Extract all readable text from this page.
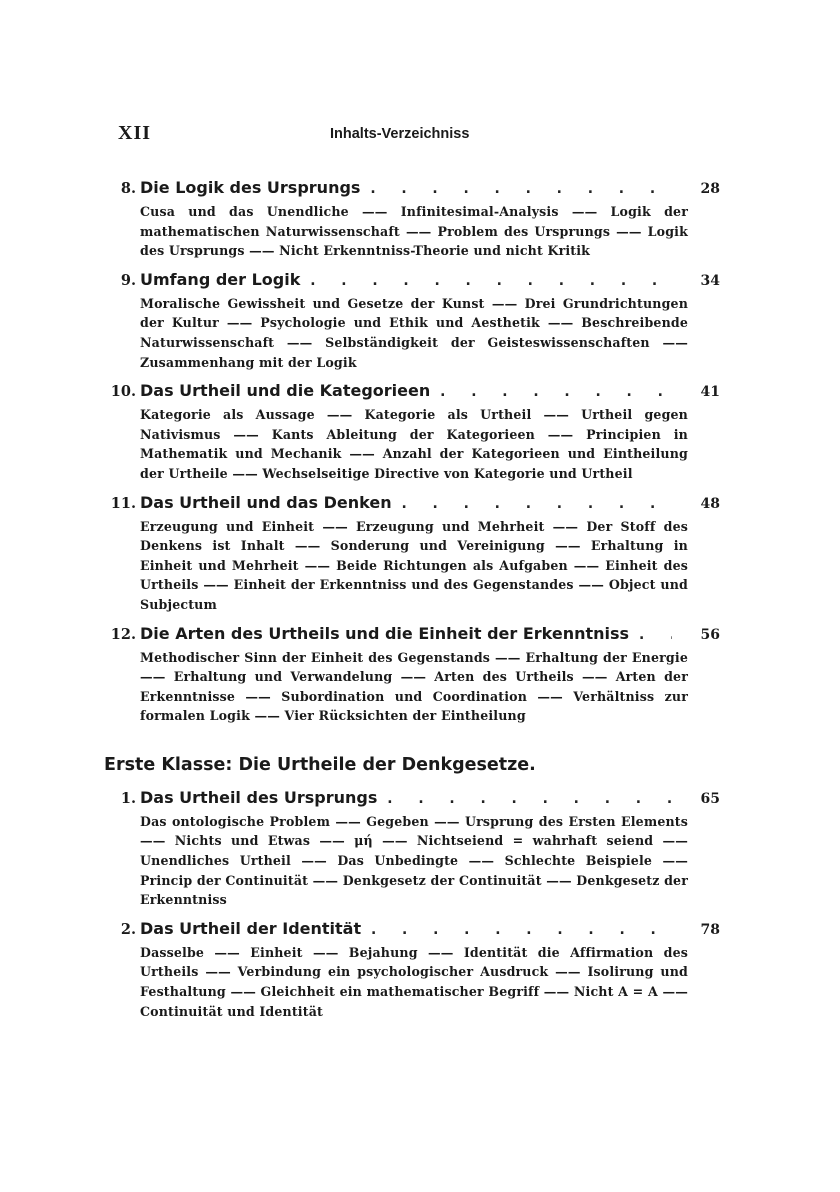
XII	Inhalts-Verzeichniss
8. Die Logik des Ursprungs . . .	28
Cusa und das Unendliche —— Infinitesimal-Analysis —— Logik der mathematischen Naturwissenschaft —— Problem des Ursprungs —— Logik des Ursprungs —— Nicht Erkenntniss-Theorie und nicht Kritik
9. Umfang der Logik . . .	34
Moralische Gewissheit und Gesetze der Kunst —— Drei Grundrichtungen der Kultur —— Psychologie und Ethik und Aesthetik —— Beschreibende Naturwissenschaft —— Selbständigkeit der Geisteswissenschaften —— Zusammenhang mit der Logik
10. Das Urtheil und die Kategorieen . . .	41
Kategorie als Aussage —— Kategorie als Urtheil —— Urtheil gegen Nativismus —— Kants Ableitung der Kategorieen —— Principien in Mathematik und Mechanik —— Anzahl der Kategorieen und Eintheilung der Urtheile —— Wechselseitige Directive von Kategorie und Urtheil
11. Das Urtheil und das Denken . . .	48
Erzeugung und Einheit —— Erzeugung und Mehrheit —— Der Stoff des Denkens ist Inhalt —— Sonderung und Vereinigung —— Erhaltung in Einheit und Mehrheit —— Beide Richtungen als Aufgaben —— Einheit des Urtheils —— Einheit der Erkenntniss und des Gegenstandes —— Object und Subjectum
12. Die Arten des Urtheils und die Einheit der Erkenntniss . . .	56
Methodischer Sinn der Einheit des Gegenstands —— Erhaltung der Energie —— Erhaltung und Verwandelung —— Arten des Urtheils —— Arten der Erkenntnisse —— Subordination und Coordination —— Verhältniss zur formalen Logik —— Vier Rücksichten der Eintheilung
Erste Klasse: Die Urtheile der Denkgesetze.
1. Das Urtheil des Ursprungs . . .	65
Das ontologische Problem —— Gegeben —— Ursprung des Ersten Elements —— Nichts und Etwas —— μή —— Nichtseiend = wahrhaft seiend —— Unendliches Urtheil —— Das Unbedingte —— Schlechte Beispiele —— Princip der Continuität —— Denkgesetz der Continuität —— Denkgesetz der Erkenntniss
2. Das Urtheil der Identität . . .	78
Dasselbe —— Einheit —— Bejahung —— Identität die Affirmation des Urtheils —— Verbindung ein psychologischer Ausdruck —— Isolirung und Festhaltung —— Gleichheit ein mathematischer Begriff —— Nicht A = A —— Continuität und Identität
